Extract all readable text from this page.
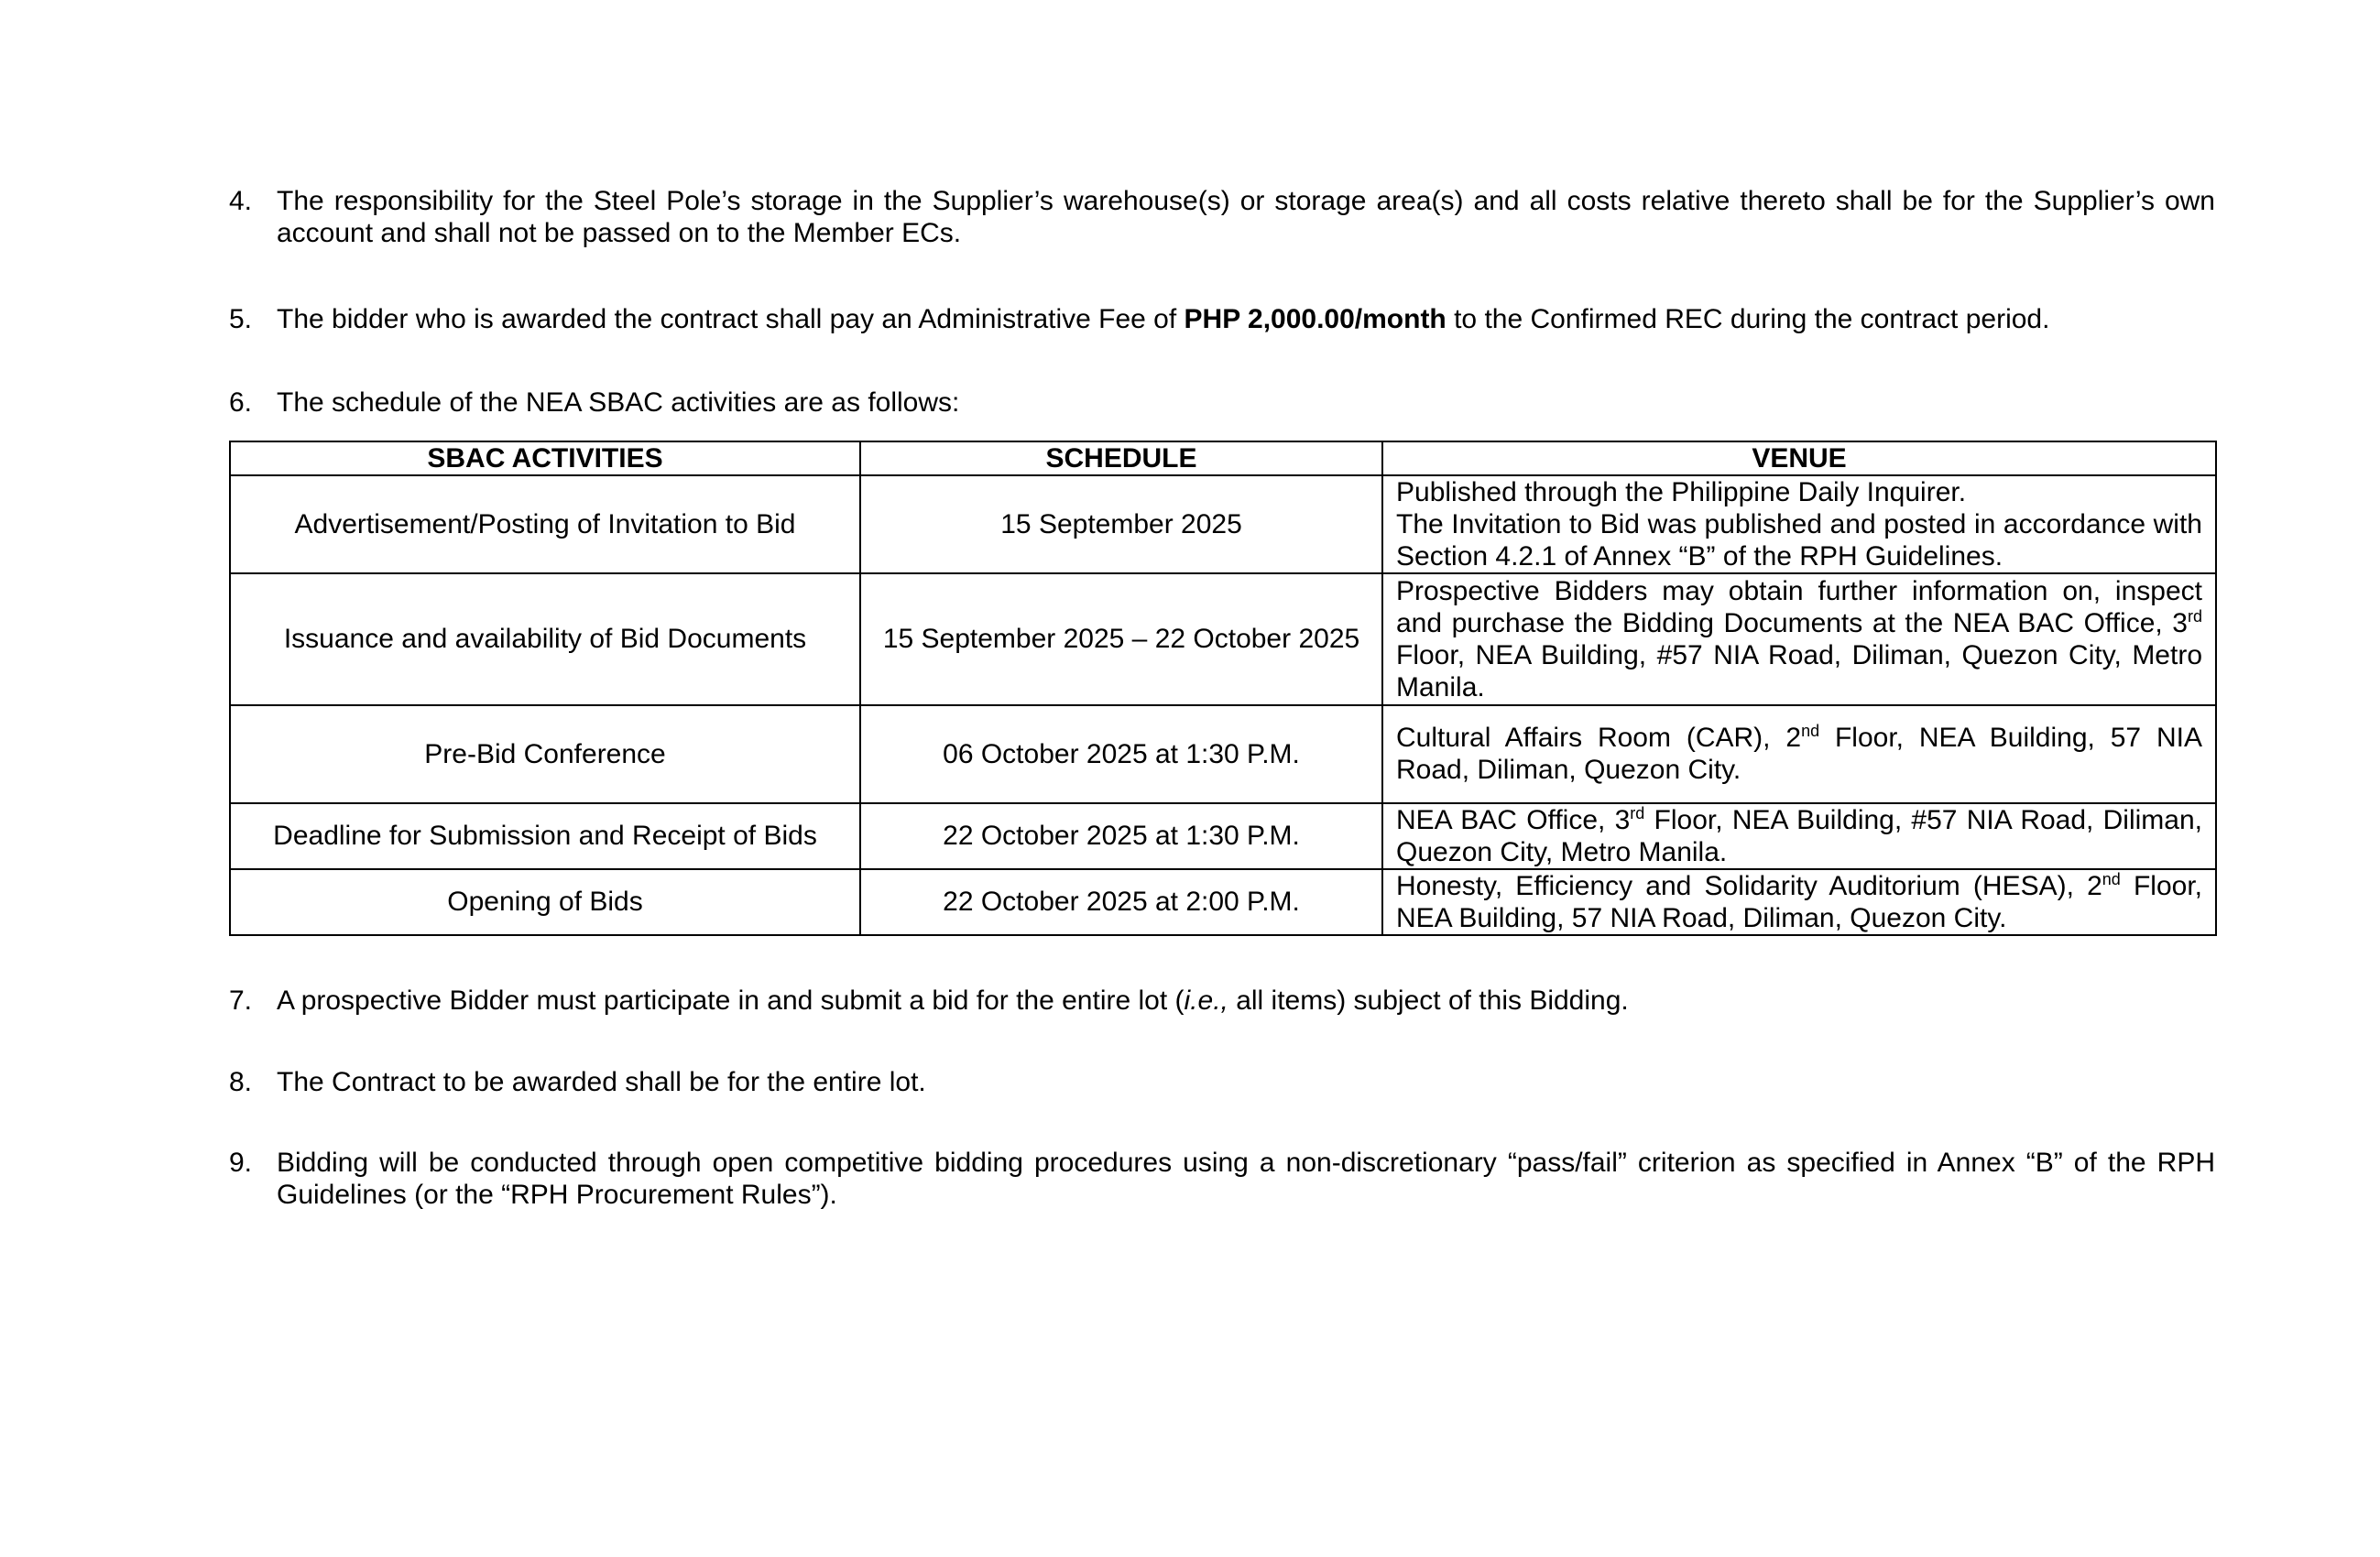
4. The responsibility for the Steel Pole’s storage in the Supplier’s warehouse(s) or storage area(s) and all costs relative thereto shall be for the Supplier’s own account and shall not be passed on to the Member ECs.
5. The bidder who is awarded the contract shall pay an Administrative Fee of PHP 2,000.00/month to the Confirmed REC during the contract period.
6. The schedule of the NEA SBAC activities are as follows:
SBAC ACTIVITIES	SCHEDULE	VENUE
Advertisement/Posting of Invitation to Bid	15 September 2025	Published through the Philippine Daily Inquirer.
The Invitation to Bid was published and posted in accordance with Section 4.2.1 of Annex “B” of the RPH Guidelines.

Issuance and availability of Bid Documents	15 September 2025 – 22 October 2025	Prospective Bidders may obtain further information on, inspect and purchase the Bidding Documents at the NEA BAC Office, 3rd Floor, NEA Building, #57 NIA Road, Diliman, Quezon City, Metro Manila.
Pre-Bid Conference	06 October 2025 at 1:30 P.M.	Cultural Affairs Room (CAR), 2nd Floor, NEA Building, 57 NIA Road, Diliman, Quezon City.
Deadline for Submission and Receipt of Bids	22 October 2025 at 1:30 P.M.	NEA BAC Office, 3rd Floor, NEA Building, #57 NIA Road, Diliman, Quezon City, Metro Manila.
Opening of Bids	22 October 2025 at 2:00 P.M.	Honesty, Efficiency and Solidarity Auditorium (HESA), 2nd Floor, NEA Building, 57 NIA Road, Diliman, Quezon City.
7. A prospective Bidder must participate in and submit a bid for the entire lot (i.e., all items) subject of this Bidding.
8. The Contract to be awarded shall be for the entire lot.
9. Bidding will be conducted through open competitive bidding procedures using a non-discretionary “pass/fail” criterion as specified in Annex “B” of the RPH Guidelines (or the “RPH Procurement Rules”).
